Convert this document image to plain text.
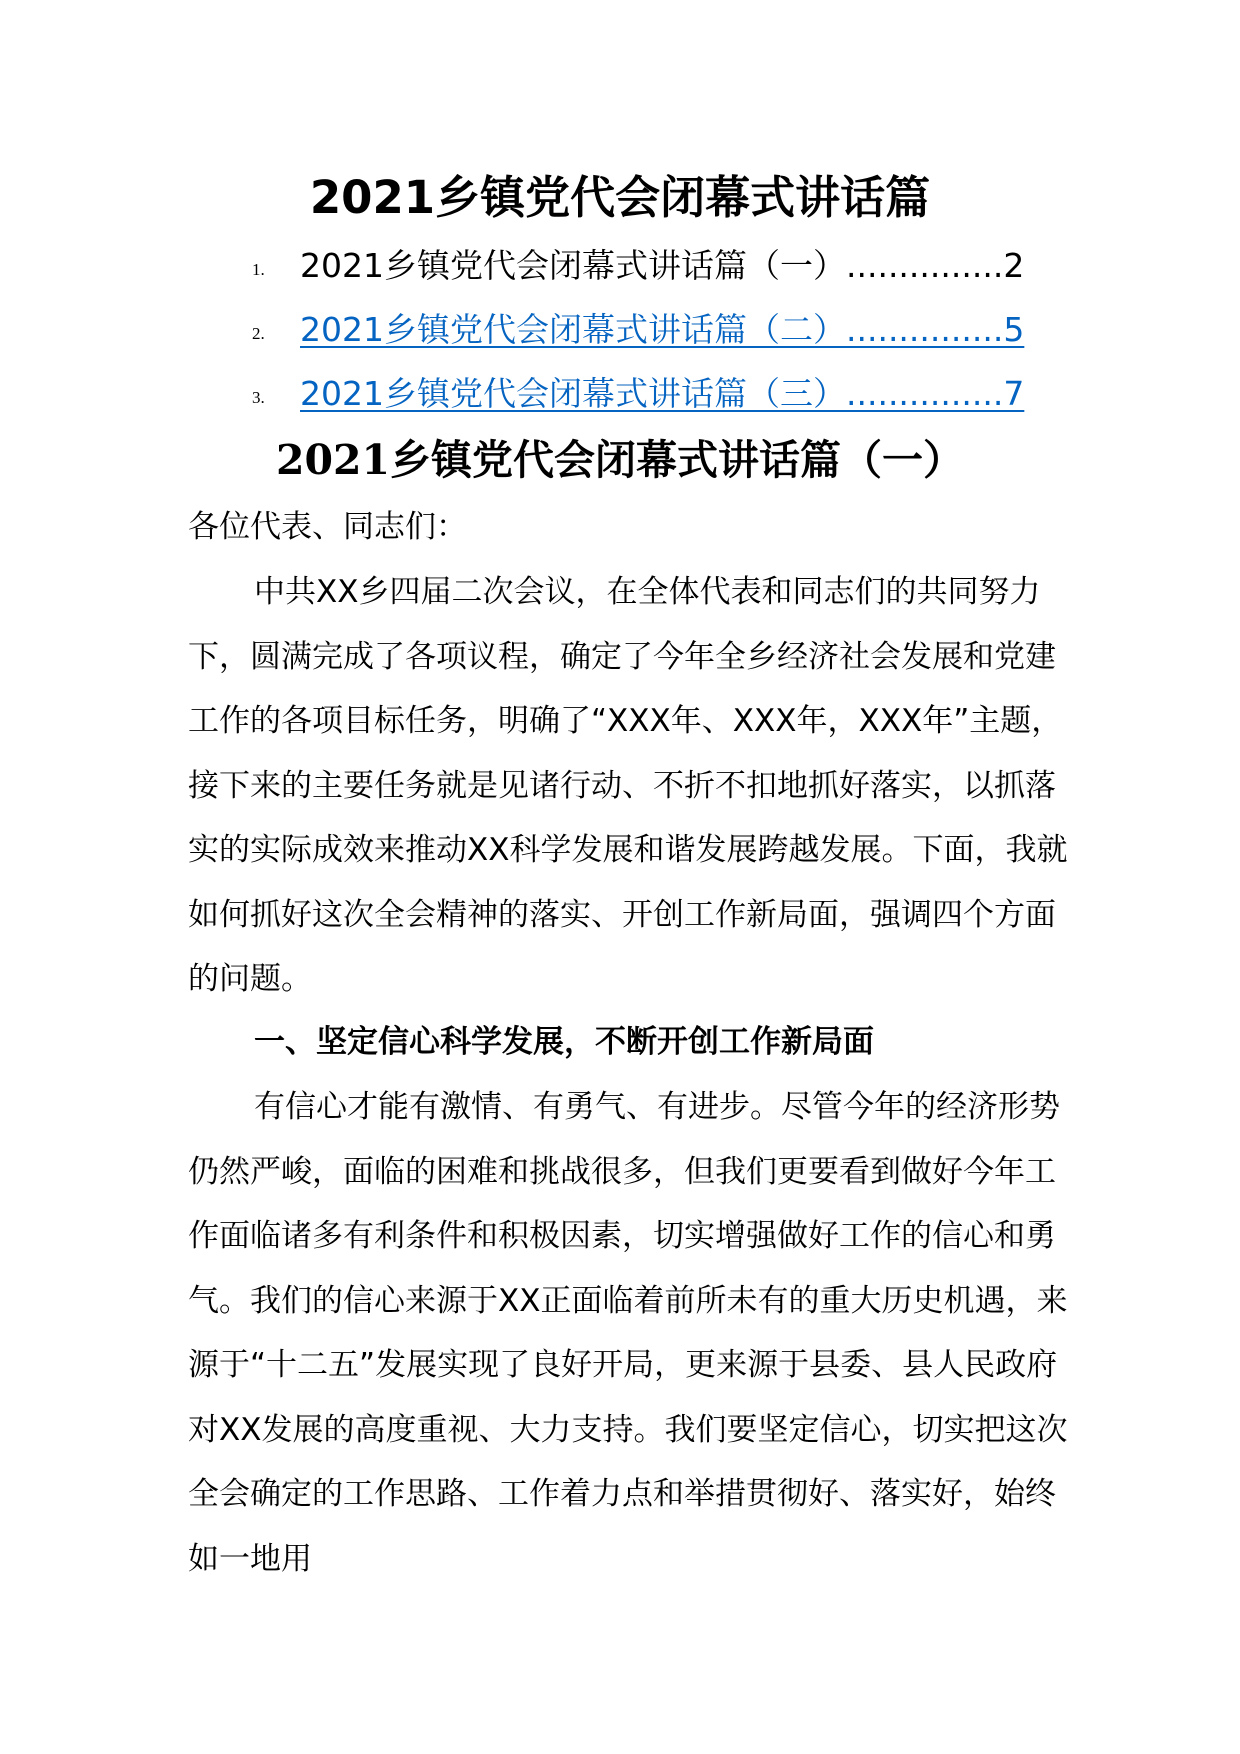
2021乡镇党代会闭幕式讲话篇
1. 2021乡镇党代会闭幕式讲话篇（一）...............2
2. 2021乡镇党代会闭幕式讲话篇（二）...............5
3. 2021乡镇党代会闭幕式讲话篇（三）...............7
2021乡镇党代会闭幕式讲话篇（一）

各位代表、同志们：

中共XX乡四届二次会议，在全体代表和同志们的共同努力下，圆满完成了各项议程，确定了今年全乡经济社会发展和党建工作的各项目标任务，明确了“XXX年、XXX年，XXX年”主题，接下来的主要任务就是见诸行动、不折不扣地抓好落实，以抓落实的实际成效来推动XX科学发展和谐发展跨越发展。下面，我就如何抓好这次全会精神的落实、开创工作新局面，强调四个方面的问题。

一、坚定信心科学发展，不断开创工作新局面

有信心才能有激情、有勇气、有进步。尽管今年的经济形势仍然严峻，面临的困难和挑战很多，但我们更要看到做好今年工作面临诸多有利条件和积极因素，切实增强做好工作的信心和勇气。我们的信心来源于XX正面临着前所未有的重大历史机遇，来源于“十二五”发展实现了良好开局，更来源于县委、县人民政府对XX发展的高度重视、大力支持。我们要坚定信心，切实把这次全会确定的工作思路、工作着力点和举措贯彻好、落实好，始终如一地用
